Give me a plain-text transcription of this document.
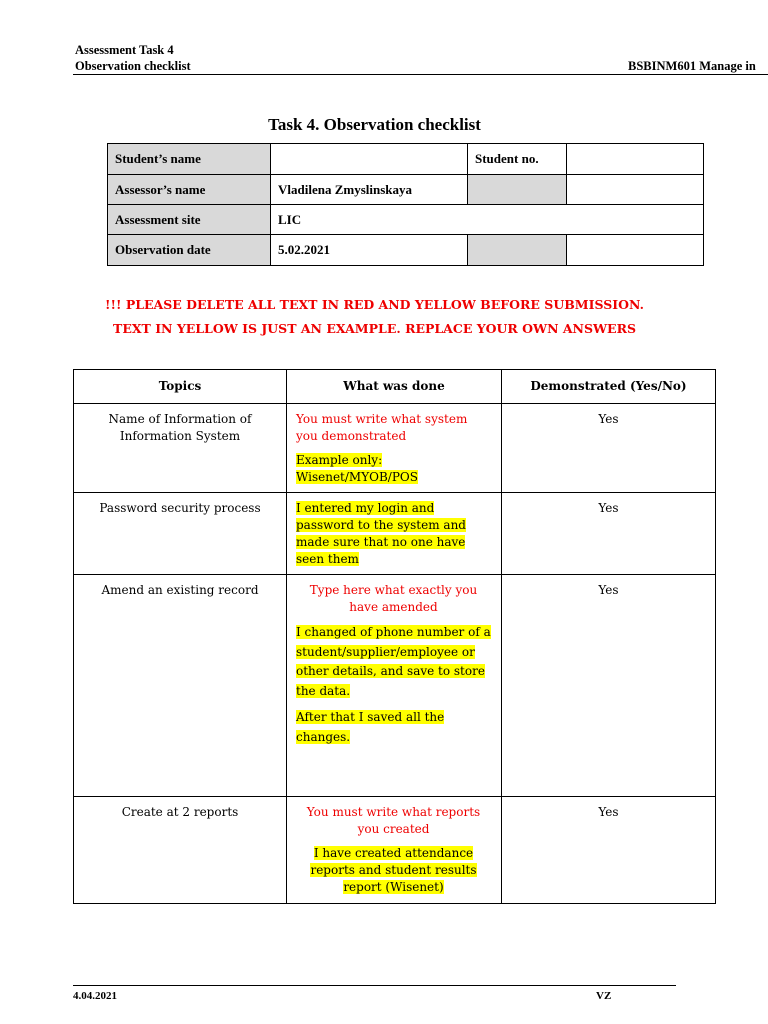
Assessment Task 4
Observation checklist	BSBINM601 Manage in
Task 4. Observation checklist
Student’s name		Student no.	
Assessor’s name	Vladilena Zmyslinskaya		
Assessment site	LIC		
Observation date	5.02.2021		
!!! PLEASE DELETE ALL TEXT IN RED AND YELLOW BEFORE SUBMISSION.
TEXT IN YELLOW IS JUST AN EXAMPLE. REPLACE YOUR OWN ANSWERS
Topics	What was done	Demonstrated (Yes/No)
Name of Information of Information System	You must write what system you demonstrated

Example only: Wisenet/MYOB/POS	Yes
Password security process	I entered my login and password to the system and made sure that no one have seen them	Yes
Amend an existing record	Type here what exactly you have amended

I changed of phone number of a student/supplier/employee or other details, and save to store the data.

After that I saved all the changes.	Yes
Create at 2 reports	You must write what reports you created

I have created attendance reports and student results report (Wisenet)	Yes
4.04.2021	VZ
